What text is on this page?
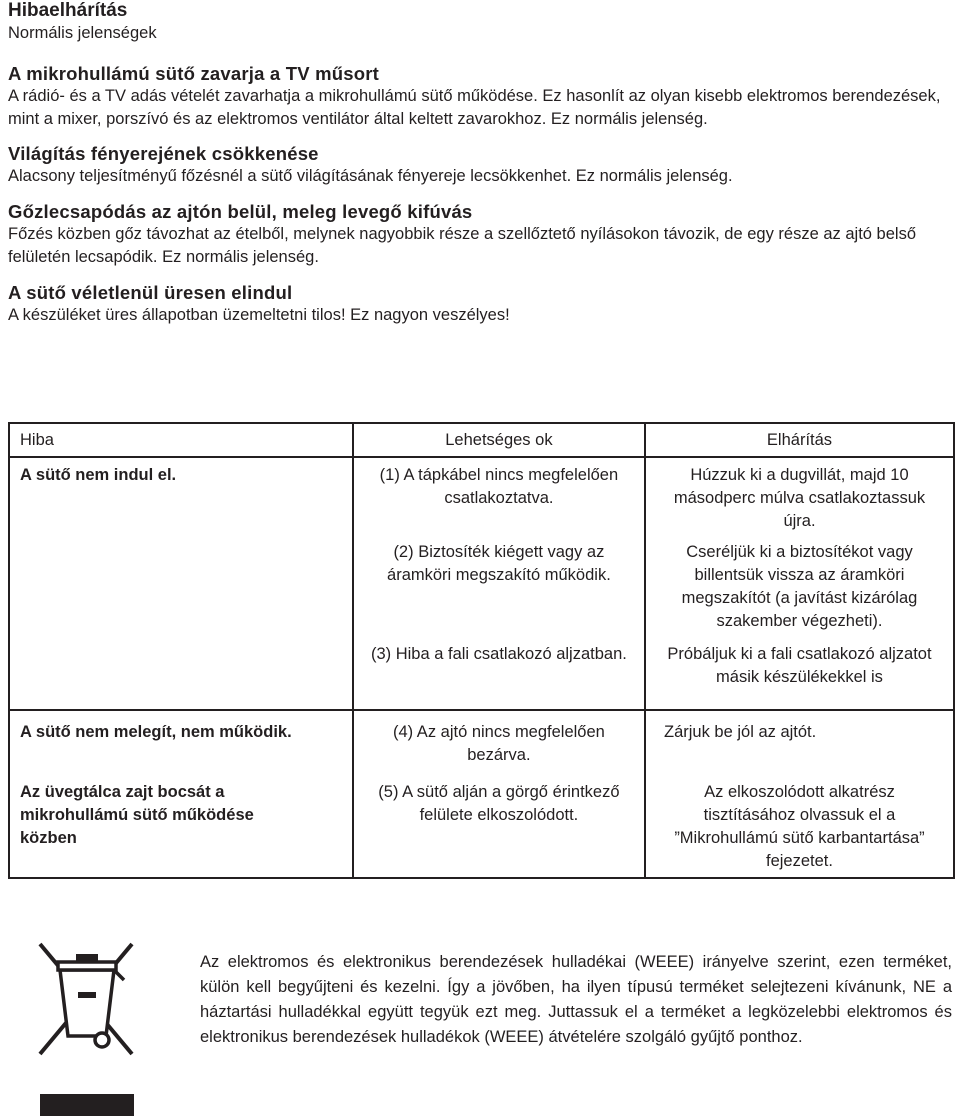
Hibaelhárítás
Normális jelenségek
A mikrohullámú sütő zavarja a TV műsort
A rádió- és a TV adás vételét zavarhatja a mikrohullámú sütő működése. Ez hasonlít az olyan kisebb elektromos berendezések, mint a mixer, porszívó és az elektromos ventilátor által keltett zavarokhoz. Ez normális jelenség.
Világítás fényerejének csökkenése
Alacsony teljesítményű főzésnél a sütő világításának fényereje lecsökkenhet. Ez normális jelenség.
Gőzlecsapódás az ajtón belül, meleg levegő kifúvás
Főzés közben gőz távozhat az ételből, melynek nagyobbik része a szellőztető nyílásokon távozik, de egy része az ajtó belső felületén lecsapódik. Ez normális jelenség.
A sütő véletlenül üresen elindul
A készüléket üres állapotban üzemeltetni tilos! Ez nagyon veszélyes!
Hiba	Lehetséges ok	Elhárítás
A sütő nem indul el.	(1) A tápkábel nincs megfelelően csatlakoztatva.	Húzzuk ki a dugvillát, majd 10 másodperc múlva csatlakoztassuk újra.
	(2) Biztosíték kiégett vagy az áramköri megszakító működik.	Cseréljük ki a biztosítékot vagy billentsük vissza az áramköri megszakítót (a javítást kizárólag szakember végezheti).
	(3) Hiba a fali csatlakozó aljzatban.	Próbáljuk ki a fali csatlakozó aljzatot másik készülékekkel is
A sütő nem melegít, nem működik.	(4) Az ajtó nincs megfelelően bezárva.	Zárjuk be jól az ajtót.
Az üvegtálca zajt bocsát a mikrohullámú sütő működése közben	(5) A sütő alján a görgő érintkező felülete elkoszolódott.	Az elkoszolódott alkatrész tisztításához olvassuk el a ”Mikrohullámú sütő karbantartása” fejezetet.
Az elektromos és elektronikus berendezések hulladékai (WEEE) irányelve szerint, ezen terméket, külön kell begyűjteni és kezelni. Így a jövőben, ha ilyen típusú terméket selejtezeni kívánunk, NE a háztartási hulladékkal együtt tegyük ezt meg. Juttassuk el a terméket a legközelebbi elektromos és elektronikus berendezések hulladékok (WEEE) átvételére szolgáló gyűjtő ponthoz.
